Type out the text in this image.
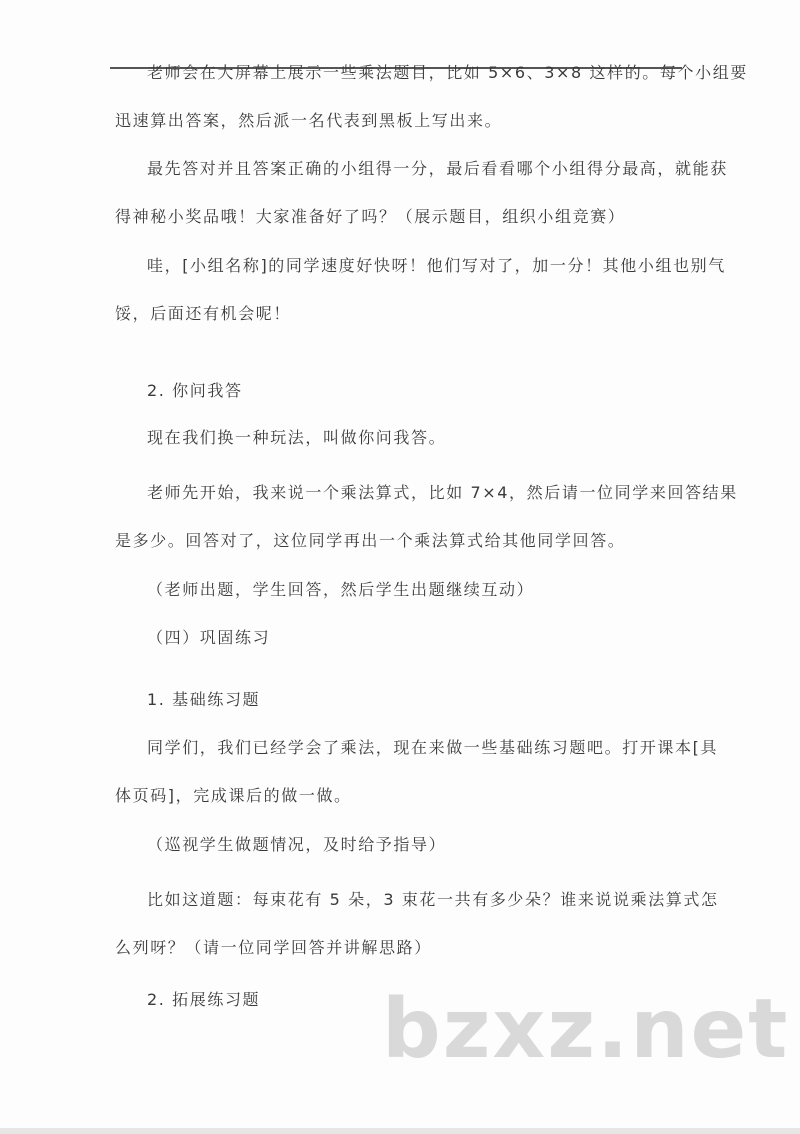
老师会在大屏幕上展示一些乘法题目，比如 5×6、3×8 这样的。每个小组要
迅速算出答案，然后派一名代表到黑板上写出来。
最先答对并且答案正确的小组得一分，最后看看哪个小组得分最高，就能获
得神秘小奖品哦！大家准备好了吗？（展示题目，组织小组竞赛）
哇，[小组名称]的同学速度好快呀！他们写对了，加一分！其他小组也别气
馁，后面还有机会呢！
2. 你问我答
现在我们换一种玩法，叫做你问我答。
老师先开始，我来说一个乘法算式，比如 7×4，然后请一位同学来回答结果
是多少。回答对了，这位同学再出一个乘法算式给其他同学回答。
（老师出题，学生回答，然后学生出题继续互动）
（四）巩固练习
1. 基础练习题
同学们，我们已经学会了乘法，现在来做一些基础练习题吧。打开课本[具
体页码]，完成课后的做一做。
（巡视学生做题情况，及时给予指导）
比如这道题：每束花有 5 朵，3 束花一共有多少朵？谁来说说乘法算式怎
么列呀？（请一位同学回答并讲解思路）
2. 拓展练习题 bzxz.net
